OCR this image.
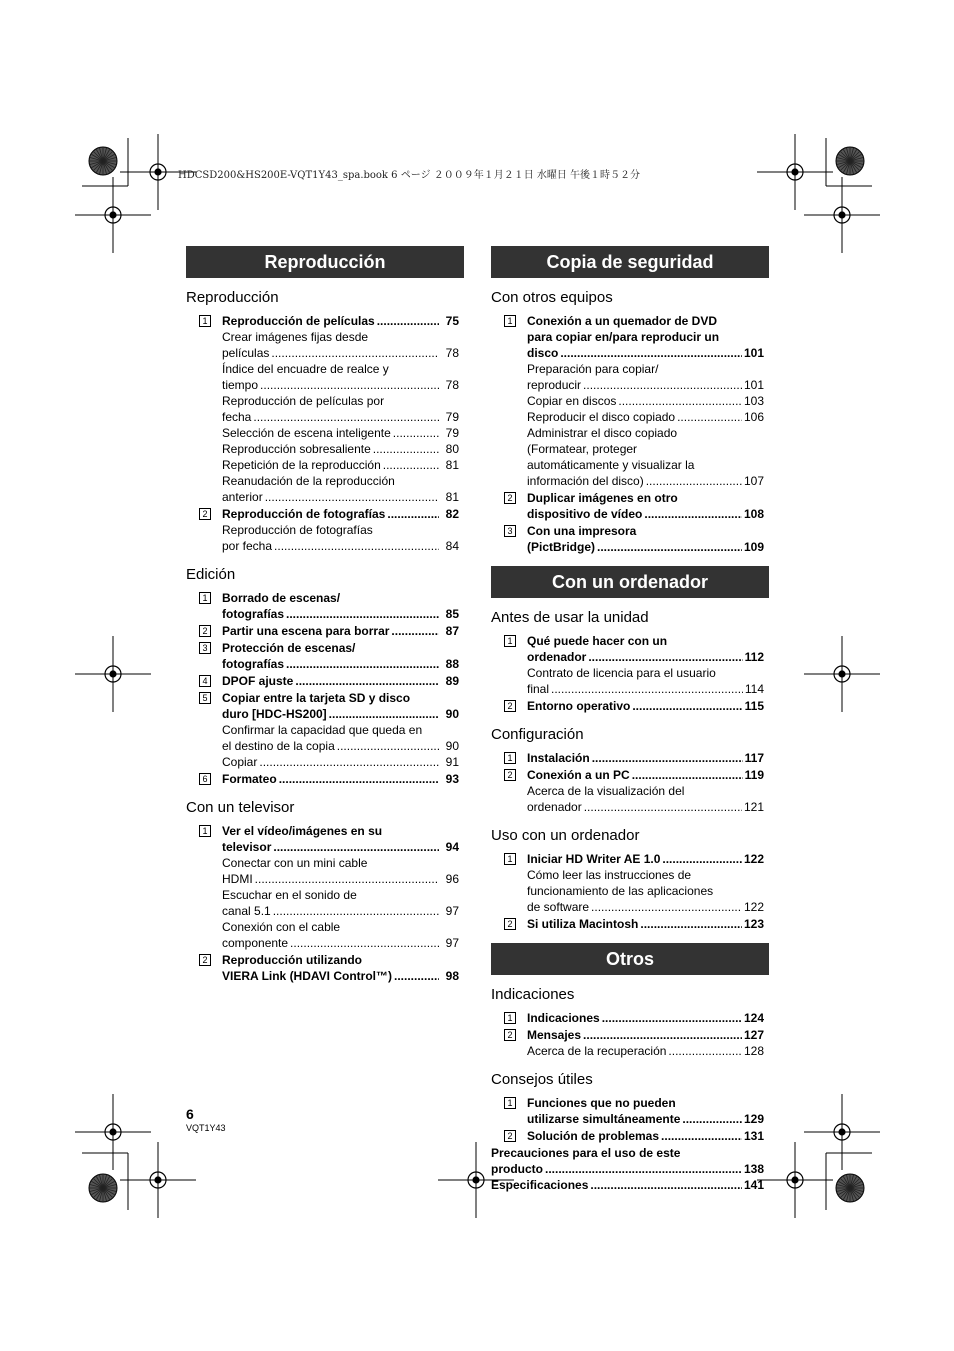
HDCSD200&HS200E-VQT1Y43_spa.book 6 ページ ２００９年１月２１日 水曜日 午後１時５２分
Reproducción
Reproducción
1 Reproducción de películas .....	75
Crear imágenes fijas desde
películas .....	78
Índice del encuadre de realce y
tiempo .....	78
Reproducción de películas por
fecha .....	79
Selección de escena inteligente .....	79
Reproducción sobresaliente .....	80
Repetición de la reproducción .....	81
Reanudación de la reproducción
anterior .....	81
2 Reproducción de fotografías .....	82
Reproducción de fotografías
por fecha .....	84
Edición
1	Borrado de escenas/
fotografías .....	85
2 Partir una escena para borrar .....	87
3	Protección de escenas/
fotografías .....	88
4 DPOF ajuste .....	89
5	Copiar entre la tarjeta SD y disco
duro [HDC-HS200] .....	90
Confirmar la capacidad que queda en
el destino de la copia .....	90
Copiar .....	91
6 Formateo .....	93
Con un televisor
1	Ver el vídeo/imágenes en su
televisor .....	94
Conectar con un mini cable
HDMI .....	96
Escuchar en el sonido de
canal 5.1 .....	97
Conexión con el cable
componente .....	97
2	Reproducción utilizando
VIERA Link (HDAVI Control™) .....	98
Copia de seguridad
Con otros equipos
1	Conexión a un quemador de DVD
para copiar en/para reproducir un
disco .....	101
Preparación para copiar/
reproducir .....	101
Copiar en discos .....	103
Reproducir el disco copiado .....	106
Administrar el disco copiado
(Formatear, proteger
automáticamente y visualizar la
información del disco) .....	107
2	Duplicar imágenes en otro
dispositivo de vídeo .....	108
3	Con una impresora
(PictBridge) .....	109
Con un ordenador
Antes de usar la unidad
1	Qué puede hacer con un
ordenador .....	112
Contrato de licencia para el usuario
final .....	114
2 Entorno operativo .....	115
Configuración
1 Instalación .....	117
2 Conexión a un PC .....	119
Acerca de la visualización del
ordenador .....	121
Uso con un ordenador
1 Iniciar HD Writer AE 1.0 .....	122
Cómo leer las instrucciones de
funcionamiento de las aplicaciones
de software .....	122
2 Si utiliza Macintosh .....	123
Otros
Indicaciones
1 Indicaciones .....	124
2 Mensajes .....	127
Acerca de la recuperación .....	128
Consejos útiles
1	Funciones que no pueden
utilizarse simultáneamente .....	129
2 Solución de problemas .....	131
Precauciones para el uso de este
producto .....	138
Especificaciones .....	141
6
VQT1Y43
